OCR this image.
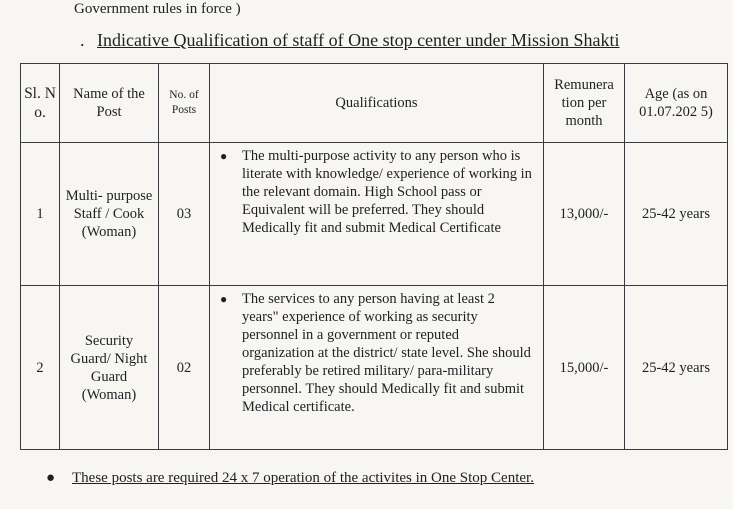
Government rules in force )
. Indicative Qualification of staff of One stop center under Mission Shakti
Sl. N o.	Name of the Post	No. of Posts	Qualifications	Remunera tion per month	Age (as on 01.07.202 5)
1	Multi- purpose Staff / Cook (Woman)	03	● The multi-purpose activity to any person who is literate with knowledge/ experience of working in the relevant domain. High School pass or Equivalent will be preferred. They should Medically fit and submit Medical Certificate	13,000/-	25-42 years
2	Security Guard/ Night Guard (Woman)	02	● The services to any person having at least 2 years" experience of working as security personnel in a government or reputed organization at the district/ state level. She should preferably be retired military/ para-military personnel. They should Medically fit and submit Medical certificate.	15,000/-	25-42 years
●	These posts are required 24 x 7 operation of the activites in One Stop Center.
